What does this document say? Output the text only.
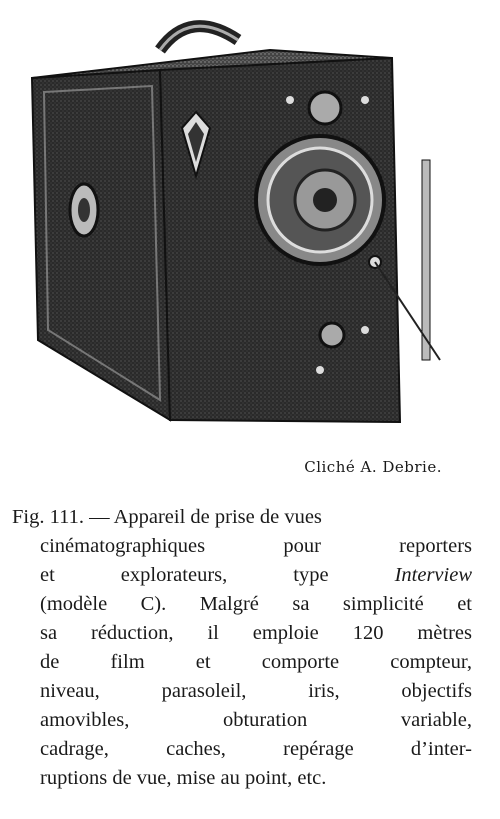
Cliché A. Debrie.
Fig. 111. — Appareil de prise de vues
cinématographiques pour reporters
et explorateurs, type Interview
(modèle C). Malgré sa simplicité et
sa réduction, il emploie 120 mètres
de film et comporte compteur,
niveau, parasoleil, iris, objectifs
amovibles, obturation variable,
cadrage, caches, repérage d’inter-
ruptions de vue, mise au point, etc.
